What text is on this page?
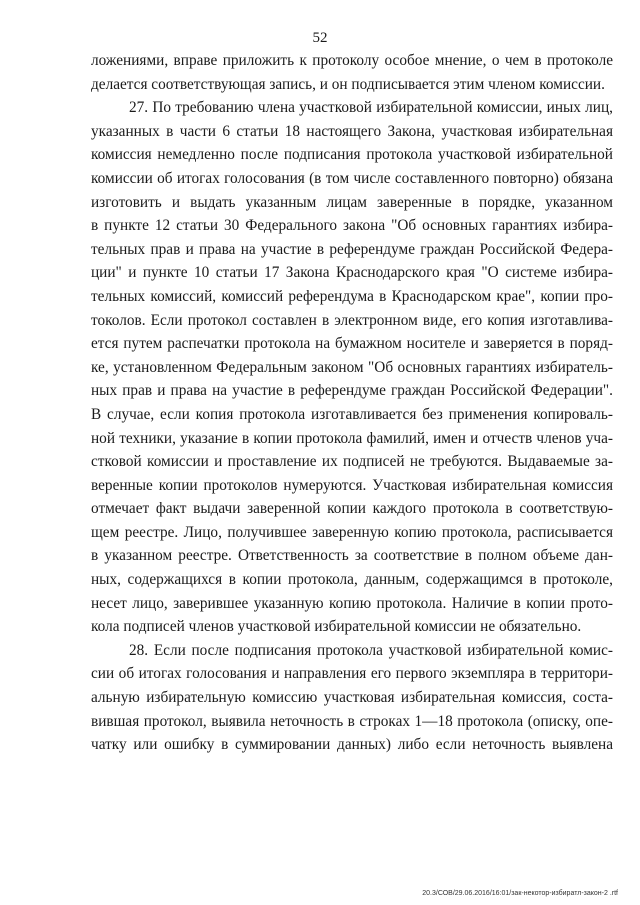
52
ложениями, вправе приложить к протоколу особое мнение, о чем в протоколе
делается соответствующая запись, и он подписывается этим членом комиссии.
27. По требованию члена участковой избирательной комиссии, иных лиц,
указанных в части 6 статьи 18 настоящего Закона, участковая избирательная
комиссия немедленно после подписания протокола участковой избирательной
комиссии об итогах голосования (в том числе составленного повторно) обязана
изготовить и выдать указанным лицам заверенные в порядке, указанном
в пункте 12 статьи 30 Федерального закона "Об основных гарантиях избира-
тельных прав и права на участие в референдуме граждан Российской Федера-
ции" и пункте 10 статьи 17 Закона Краснодарского края "О системе избира-
тельных комиссий, комиссий референдума в Краснодарском крае", копии про-
токолов. Если протокол составлен в электронном виде, его копия изготавлива-
ется путем распечатки протокола на бумажном носителе и заверяется в поряд-
ке, установленном Федеральным законом "Об основных гарантиях избиратель-
ных прав и права на участие в референдуме граждан Российской Федерации".
В случае, если копия протокола изготавливается без применения копироваль-
ной техники, указание в копии протокола фамилий, имен и отчеств членов уча-
стковой комиссии и проставление их подписей не требуются. Выдаваемые за-
веренные копии протоколов нумеруются. Участковая избирательная комиссия
отмечает факт выдачи заверенной копии каждого протокола в соответствую-
щем реестре. Лицо, получившее заверенную копию протокола, расписывается
в указанном реестре. Ответственность за соответствие в полном объеме дан-
ных, содержащихся в копии протокола, данным, содержащимся в протоколе,
несет лицо, заверившее указанную копию протокола. Наличие в копии прото-
кола подписей членов участковой избирательной комиссии не обязательно.
28. Если после подписания протокола участковой избирательной комис-
сии об итогах голосования и направления его первого экземпляра в территори-
альную избирательную комиссию участковая избирательная комиссия, соста-
вившая протокол, выявила неточность в строках 1—18 протокола (описку, опе-
чатку или ошибку в суммировании данных) либо если неточность выявлена
20.3/СОВ/29.06.2016/16:01/зак-некотор-избиратл-закон-2 .rtf
